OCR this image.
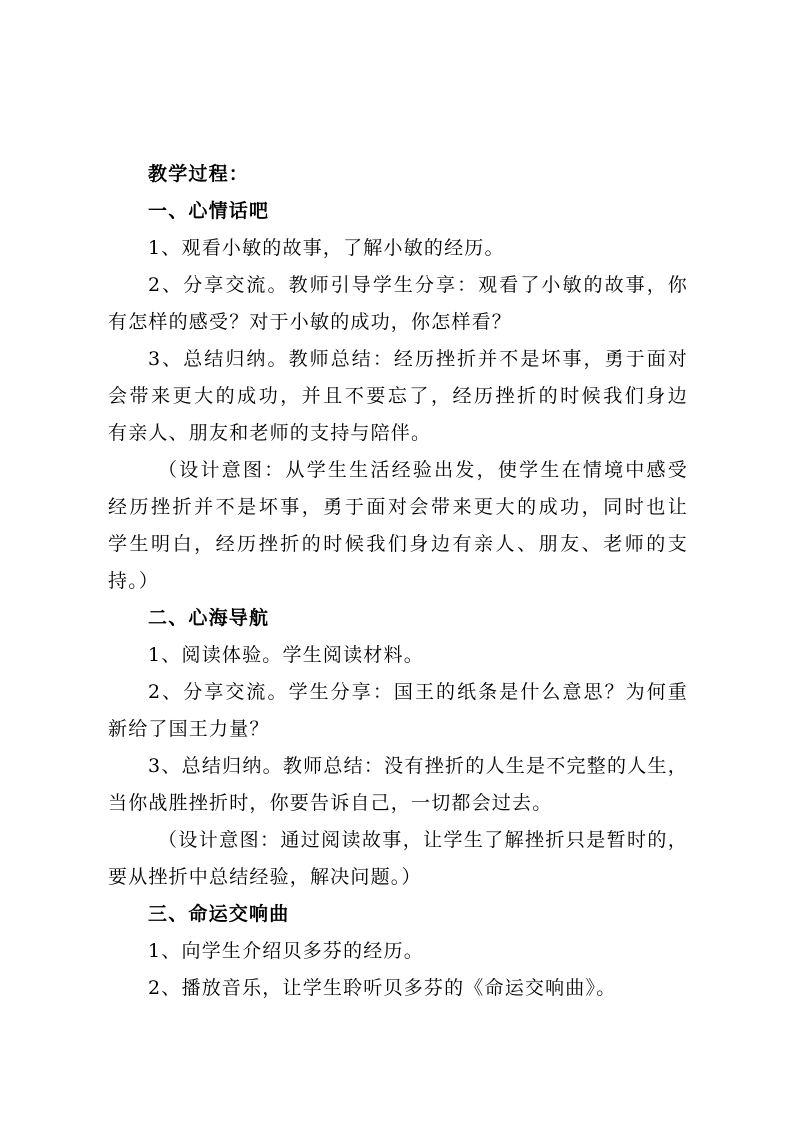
教学过程：
一、心情话吧
1、观看小敏的故事，了解小敏的经历。
2、分享交流。教师引导学生分享：观看了小敏的故事，你
有怎样的感受？对于小敏的成功，你怎样看？
3、总结归纳。教师总结：经历挫折并不是坏事，勇于面对
会带来更大的成功，并且不要忘了，经历挫折的时候我们身边
有亲人、朋友和老师的支持与陪伴。
（设计意图：从学生生活经验出发，使学生在情境中感受
经历挫折并不是坏事，勇于面对会带来更大的成功，同时也让
学生明白，经历挫折的时候我们身边有亲人、朋友、老师的支
持。）
二、心海导航
1、阅读体验。学生阅读材料。
2、分享交流。学生分享：国王的纸条是什么意思？为何重
新给了国王力量？
3、总结归纳。教师总结：没有挫折的人生是不完整的人生，
当你战胜挫折时，你要告诉自己，一切都会过去。
（设计意图：通过阅读故事，让学生了解挫折只是暂时的，
要从挫折中总结经验，解决问题。）
三、命运交响曲
1、向学生介绍贝多芬的经历。
2、播放音乐，让学生聆听贝多芬的《命运交响曲》。
